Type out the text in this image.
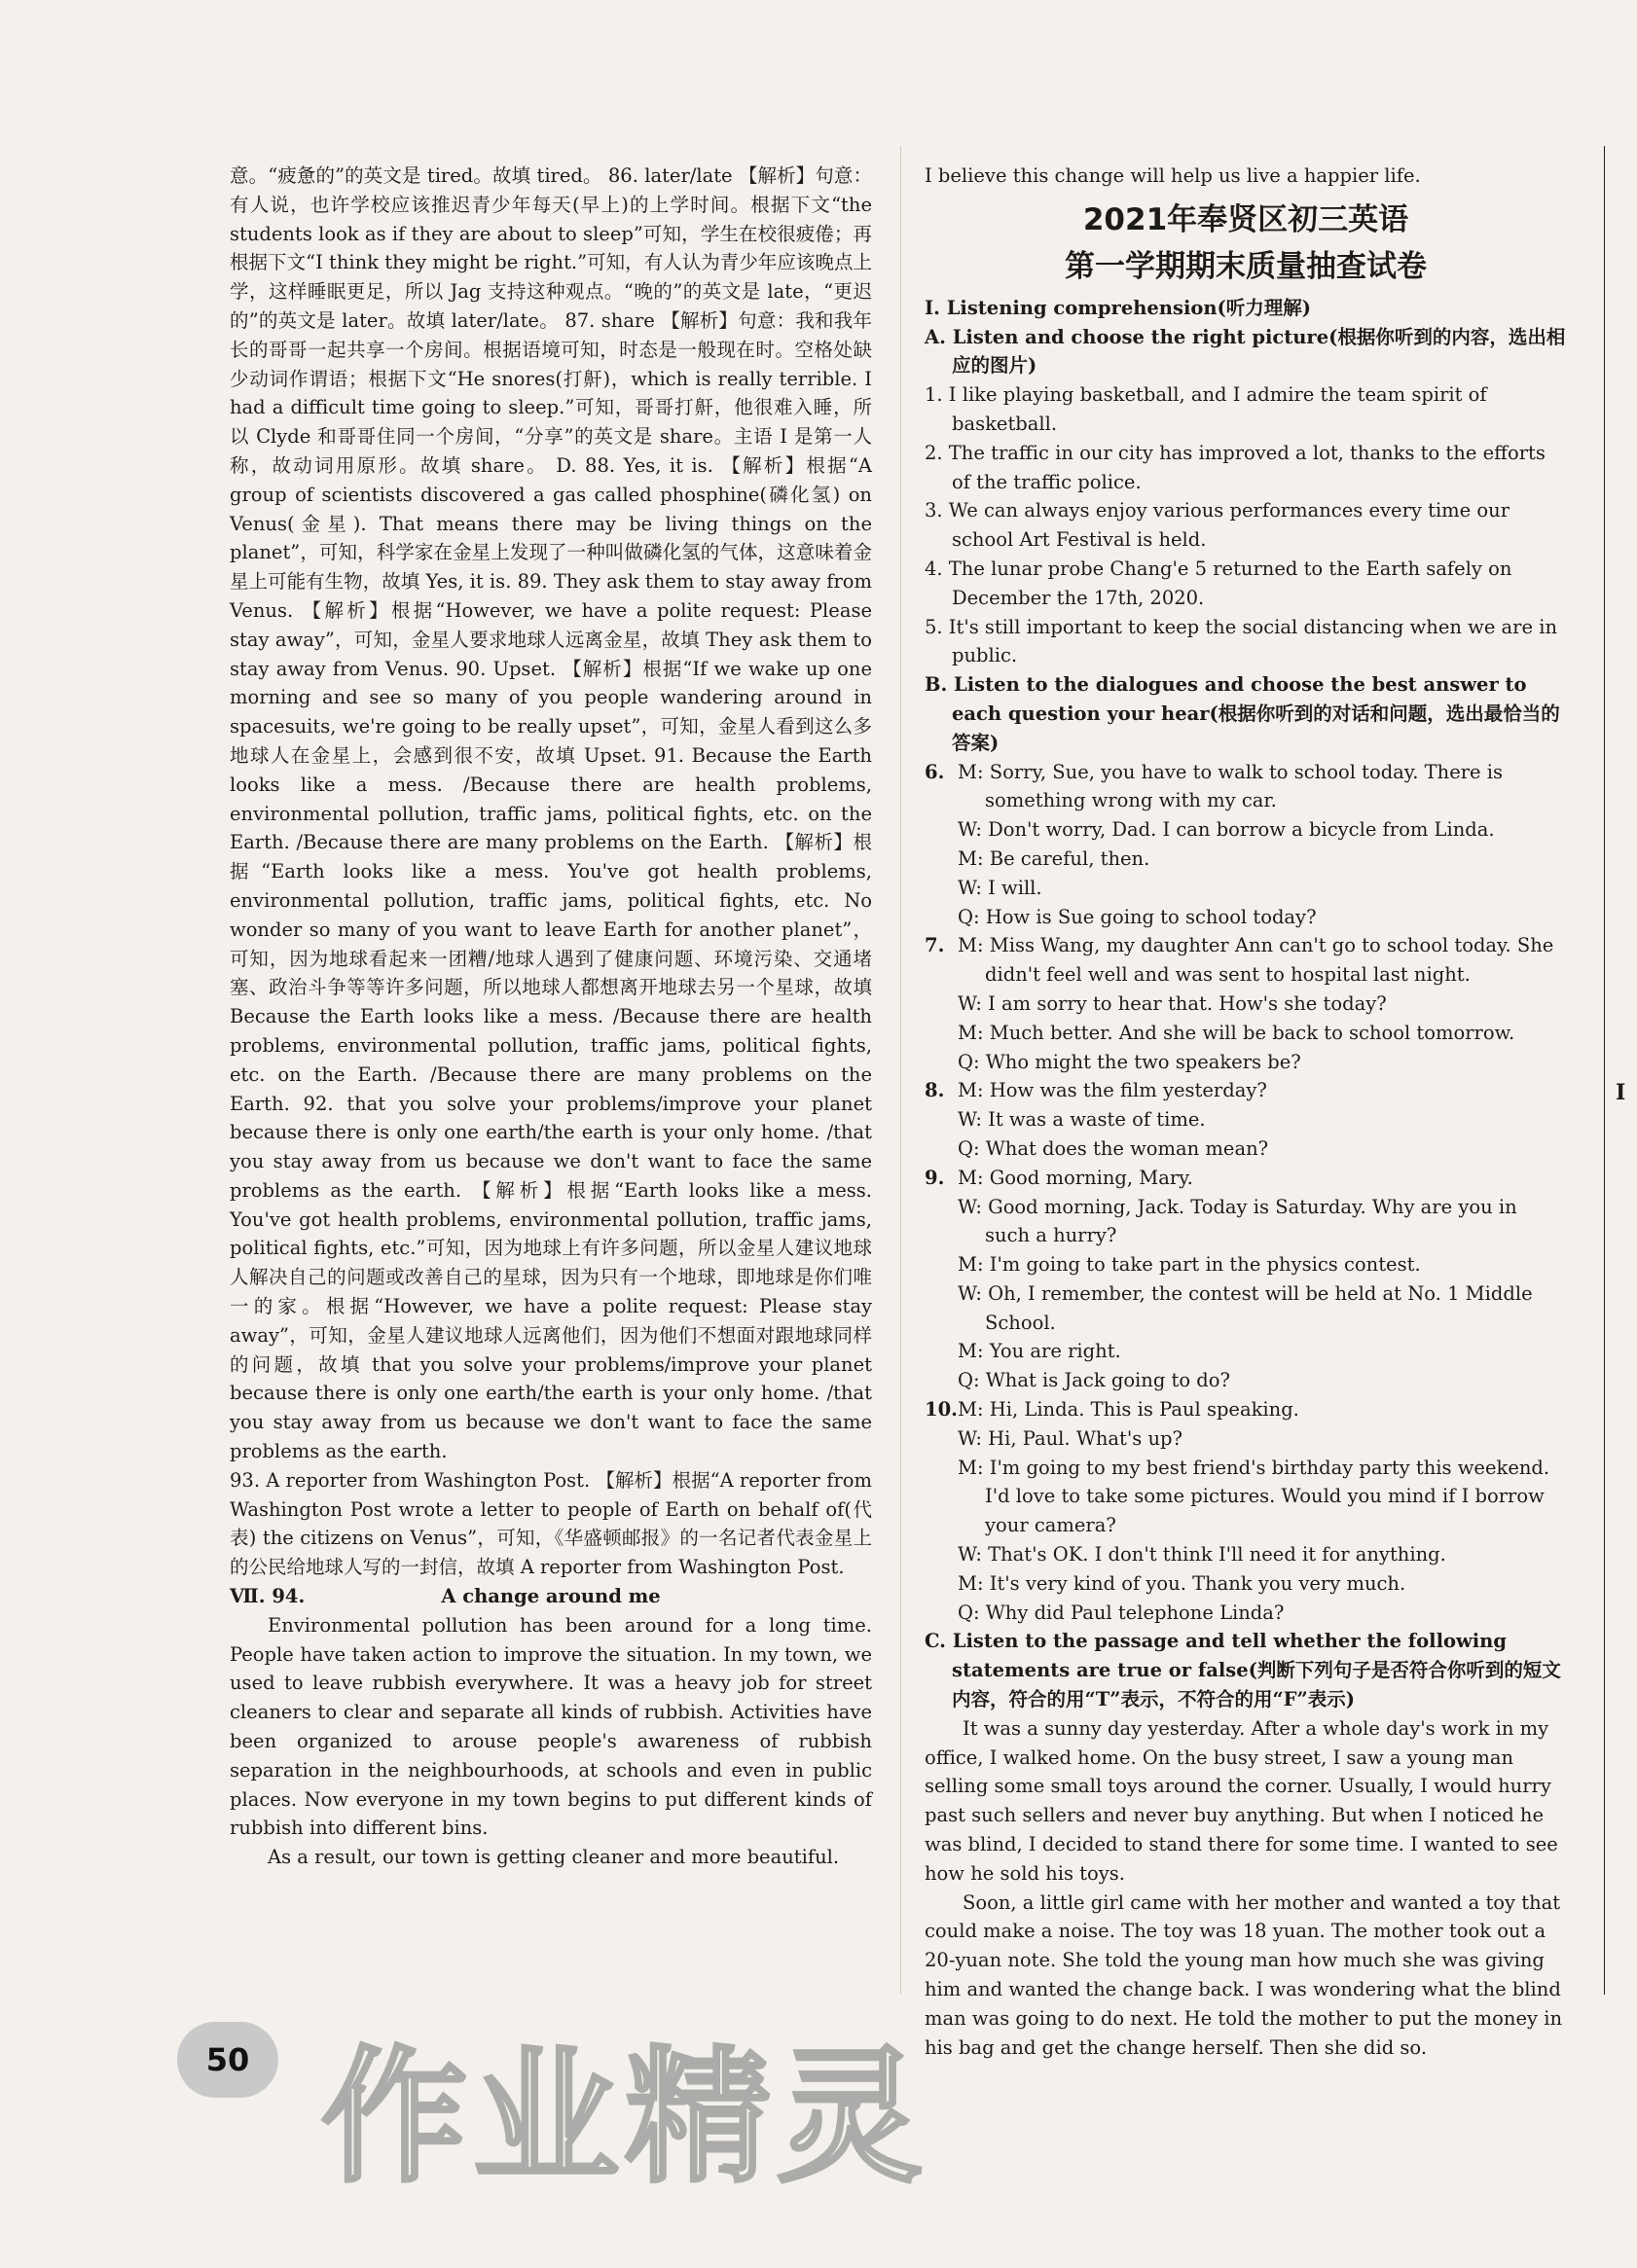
意。“疲惫的”的英文是 tired。故填 tired。 86. later/late 【解析】句意：有人说，也许学校应该推迟青少年每天(早上)的上学时间。根据下文“the students look as if they are about to sleep”可知，学生在校很疲倦；再根据下文“I think they might be right.”可知，有人认为青少年应该晚点上学，这样睡眠更足，所以 Jag 支持这种观点。“晚的”的英文是 late，“更迟的”的英文是 later。故填 later/late。 87. share 【解析】句意：我和我年长的哥哥一起共享一个房间。根据语境可知，时态是一般现在时。空格处缺少动词作谓语；根据下文“He snores(打鼾)，which is really terrible. I had a difficult time going to sleep.”可知，哥哥打鼾，他很难入睡，所以 Clyde 和哥哥住同一个房间，“分享”的英文是 share。主语 I 是第一人称，故动词用原形。故填 share。 D. 88. Yes, it is. 【解析】根据“A group of scientists discovered a gas called phosphine(磷化氢) on Venus(金星). That means there may be living things on the planet”，可知，科学家在金星上发现了一种叫做磷化氢的气体，这意味着金星上可能有生物，故填 Yes, it is. 89. They ask them to stay away from Venus. 【解析】根据“However, we have a polite request: Please stay away”，可知，金星人要求地球人远离金星，故填 They ask them to stay away from Venus. 90. Upset. 【解析】根据“If we wake up one morning and see so many of you people wandering around in spacesuits, we're going to be really upset”，可知，金星人看到这么多地球人在金星上，会感到很不安，故填 Upset. 91. Because the Earth looks like a mess. /Because there are health problems, environmental pollution, traffic jams, political fights, etc. on the Earth. /Because there are many problems on the Earth. 【解析】根据“Earth looks like a mess. You've got health problems, environmental pollution, traffic jams, political fights, etc. No wonder so many of you want to leave Earth for another planet”，可知，因为地球看起来一团糟/地球人遇到了健康问题、环境污染、交通堵塞、政治斗争等等许多问题，所以地球人都想离开地球去另一个星球，故填 Because the Earth looks like a mess. /Because there are health problems, environmental pollution, traffic jams, political fights, etc. on the Earth. /Because there are many problems on the Earth. 92. that you solve your problems/improve your planet because there is only one earth/the earth is your only home. /that you stay away from us because we don't want to face the same problems as the earth. 【解析】根据“Earth looks like a mess. You've got health problems, environmental pollution, traffic jams, political fights, etc.”可知，因为地球上有许多问题，所以金星人建议地球人解决自己的问题或改善自己的星球，因为只有一个地球，即地球是你们唯一的家。根据“However, we have a polite request: Please stay away”，可知，金星人建议地球人远离他们，因为他们不想面对跟地球同样的问题，故填 that you solve your problems/improve your planet because there is only one earth/the earth is your only home. /that you stay away from us because we don't want to face the same problems as the earth.

93. A reporter from Washington Post. 【解析】根据“A reporter from Washington Post wrote a letter to people of Earth on behalf of(代表) the citizens on Venus”，可知，《华盛顿邮报》的一名记者代表金星上的公民给地球人写的一封信，故填 A reporter from Washington Post.

Ⅶ. 94.	A change around me

Environmental pollution has been around for a long time. People have taken action to improve the situation. In my town, we used to leave rubbish everywhere. It was a heavy job for street cleaners to clear and separate all kinds of rubbish. Activities have been organized to arouse people's awareness of rubbish separation in the neighbourhoods, at schools and even in public places. Now everyone in my town begins to put different kinds of rubbish into different bins.

As a result, our town is getting cleaner and more beautiful.

I believe this change will help us live a happier life.

2021年奉贤区初三英语
第一学期期末质量抽查试卷

Ⅰ. Listening comprehension(听力理解)

A. Listen and choose the right picture(根据你听到的内容，选出相应的图片)

1. I like playing basketball, and I admire the team spirit of basketball.

2. The traffic in our city has improved a lot, thanks to the efforts of the traffic police.

3. We can always enjoy various performances every time our school Art Festival is held.

4. The lunar probe Chang'e 5 returned to the Earth safely on December the 17th, 2020.

5. It's still important to keep the social distancing when we are in public.

B. Listen to the dialogues and choose the best answer to each question your hear(根据你听到的对话和问题，选出最恰当的答案)

6. M: Sorry, Sue, you have to walk to school today. There is something wrong with my car.
W: Don't worry, Dad. I can borrow a bicycle from Linda.
M: Be careful, then.
W: I will.
Q: How is Sue going to school today?
7. M: Miss Wang, my daughter Ann can't go to school today. She didn't feel well and was sent to hospital last night.
W: I am sorry to hear that. How's she today?
M: Much better. And she will be back to school tomorrow.
Q: Who might the two speakers be?
8. M: How was the film yesterday?
W: It was a waste of time.
Q: What does the woman mean?
9. M: Good morning, Mary.
W: Good morning, Jack. Today is Saturday. Why are you in such a hurry?
M: I'm going to take part in the physics contest.
W: Oh, I remember, the contest will be held at No. 1 Middle School.
M: You are right.
Q: What is Jack going to do?
10. M: Hi, Linda. This is Paul speaking.
W: Hi, Paul. What's up?
M: I'm going to my best friend's birthday party this weekend. I'd love to take some pictures. Would you mind if I borrow your camera?
W: That's OK. I don't think I'll need it for anything.
M: It's very kind of you. Thank you very much.
Q: Why did Paul telephone Linda?

C. Listen to the passage and tell whether the following statements are true or false(判断下列句子是否符合你听到的短文内容，符合的用“T”表示，不符合的用“F”表示)

It was a sunny day yesterday. After a whole day's work in my office, I walked home. On the busy street, I saw a young man selling some small toys around the corner. Usually, I would hurry past such sellers and never buy anything. But when I noticed he was blind, I decided to stand there for some time. I wanted to see how he sold his toys.

Soon, a little girl came with her mother and wanted a toy that could make a noise. The toy was 18 yuan. The mother took out a 20-yuan note. She told the young man how much she was giving him and wanted the change back. I was wondering what the blind man was going to do next. He told the mother to put the money in his bag and get the change herself. Then she did so.

I
50 作业精灵
